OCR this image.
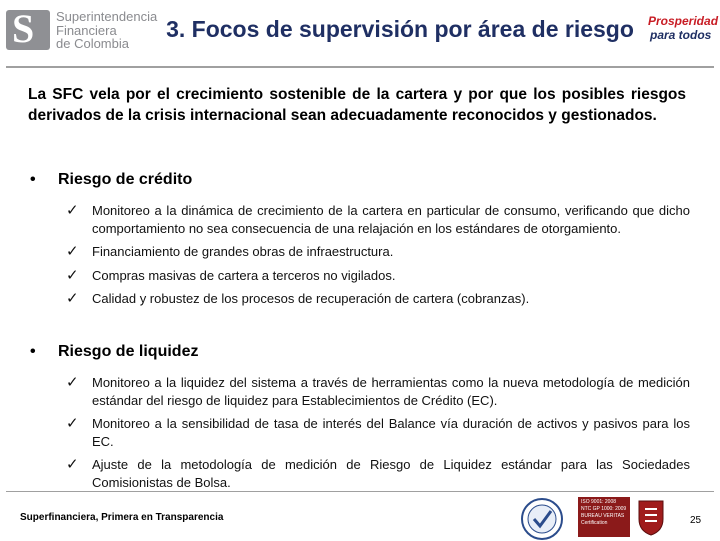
S Superintendencia
Financiera
de Colombia
3. Focos de supervisión por área de riesgo	Prosperidad
para todos
La SFC vela por el crecimiento sostenible de la cartera y por que los posibles riesgos derivados de la crisis internacional sean adecuadamente reconocidos y gestionados.
• Riesgo de crédito
✓ Monitoreo a la dinámica de crecimiento de la cartera en particular de consumo, verificando que dicho comportamiento no sea consecuencia de una relajación en los estándares de otorgamiento.
✓ Financiamiento de grandes obras de infraestructura.
✓ Compras masivas de cartera a terceros no vigilados.
✓ Calidad y robustez de los procesos de recuperación de cartera (cobranzas).
• Riesgo de liquidez
✓ Monitoreo a la liquidez del sistema a través de herramientas como la nueva metodología de medición estándar del riesgo de liquidez para Establecimientos de Crédito (EC).
✓ Monitoreo a la sensibilidad de tasa de interés del Balance vía duración de activos y pasivos para los EC.
✓ Ajuste de la metodología de medición de Riesgo de Liquidez estándar para las Sociedades Comisionistas de Bolsa.
Superfinanciera, Primera en Transparencia
ISO 9001: 2008
NTC GP 1000: 2009
BUREAU VERITAS
Certification	25
